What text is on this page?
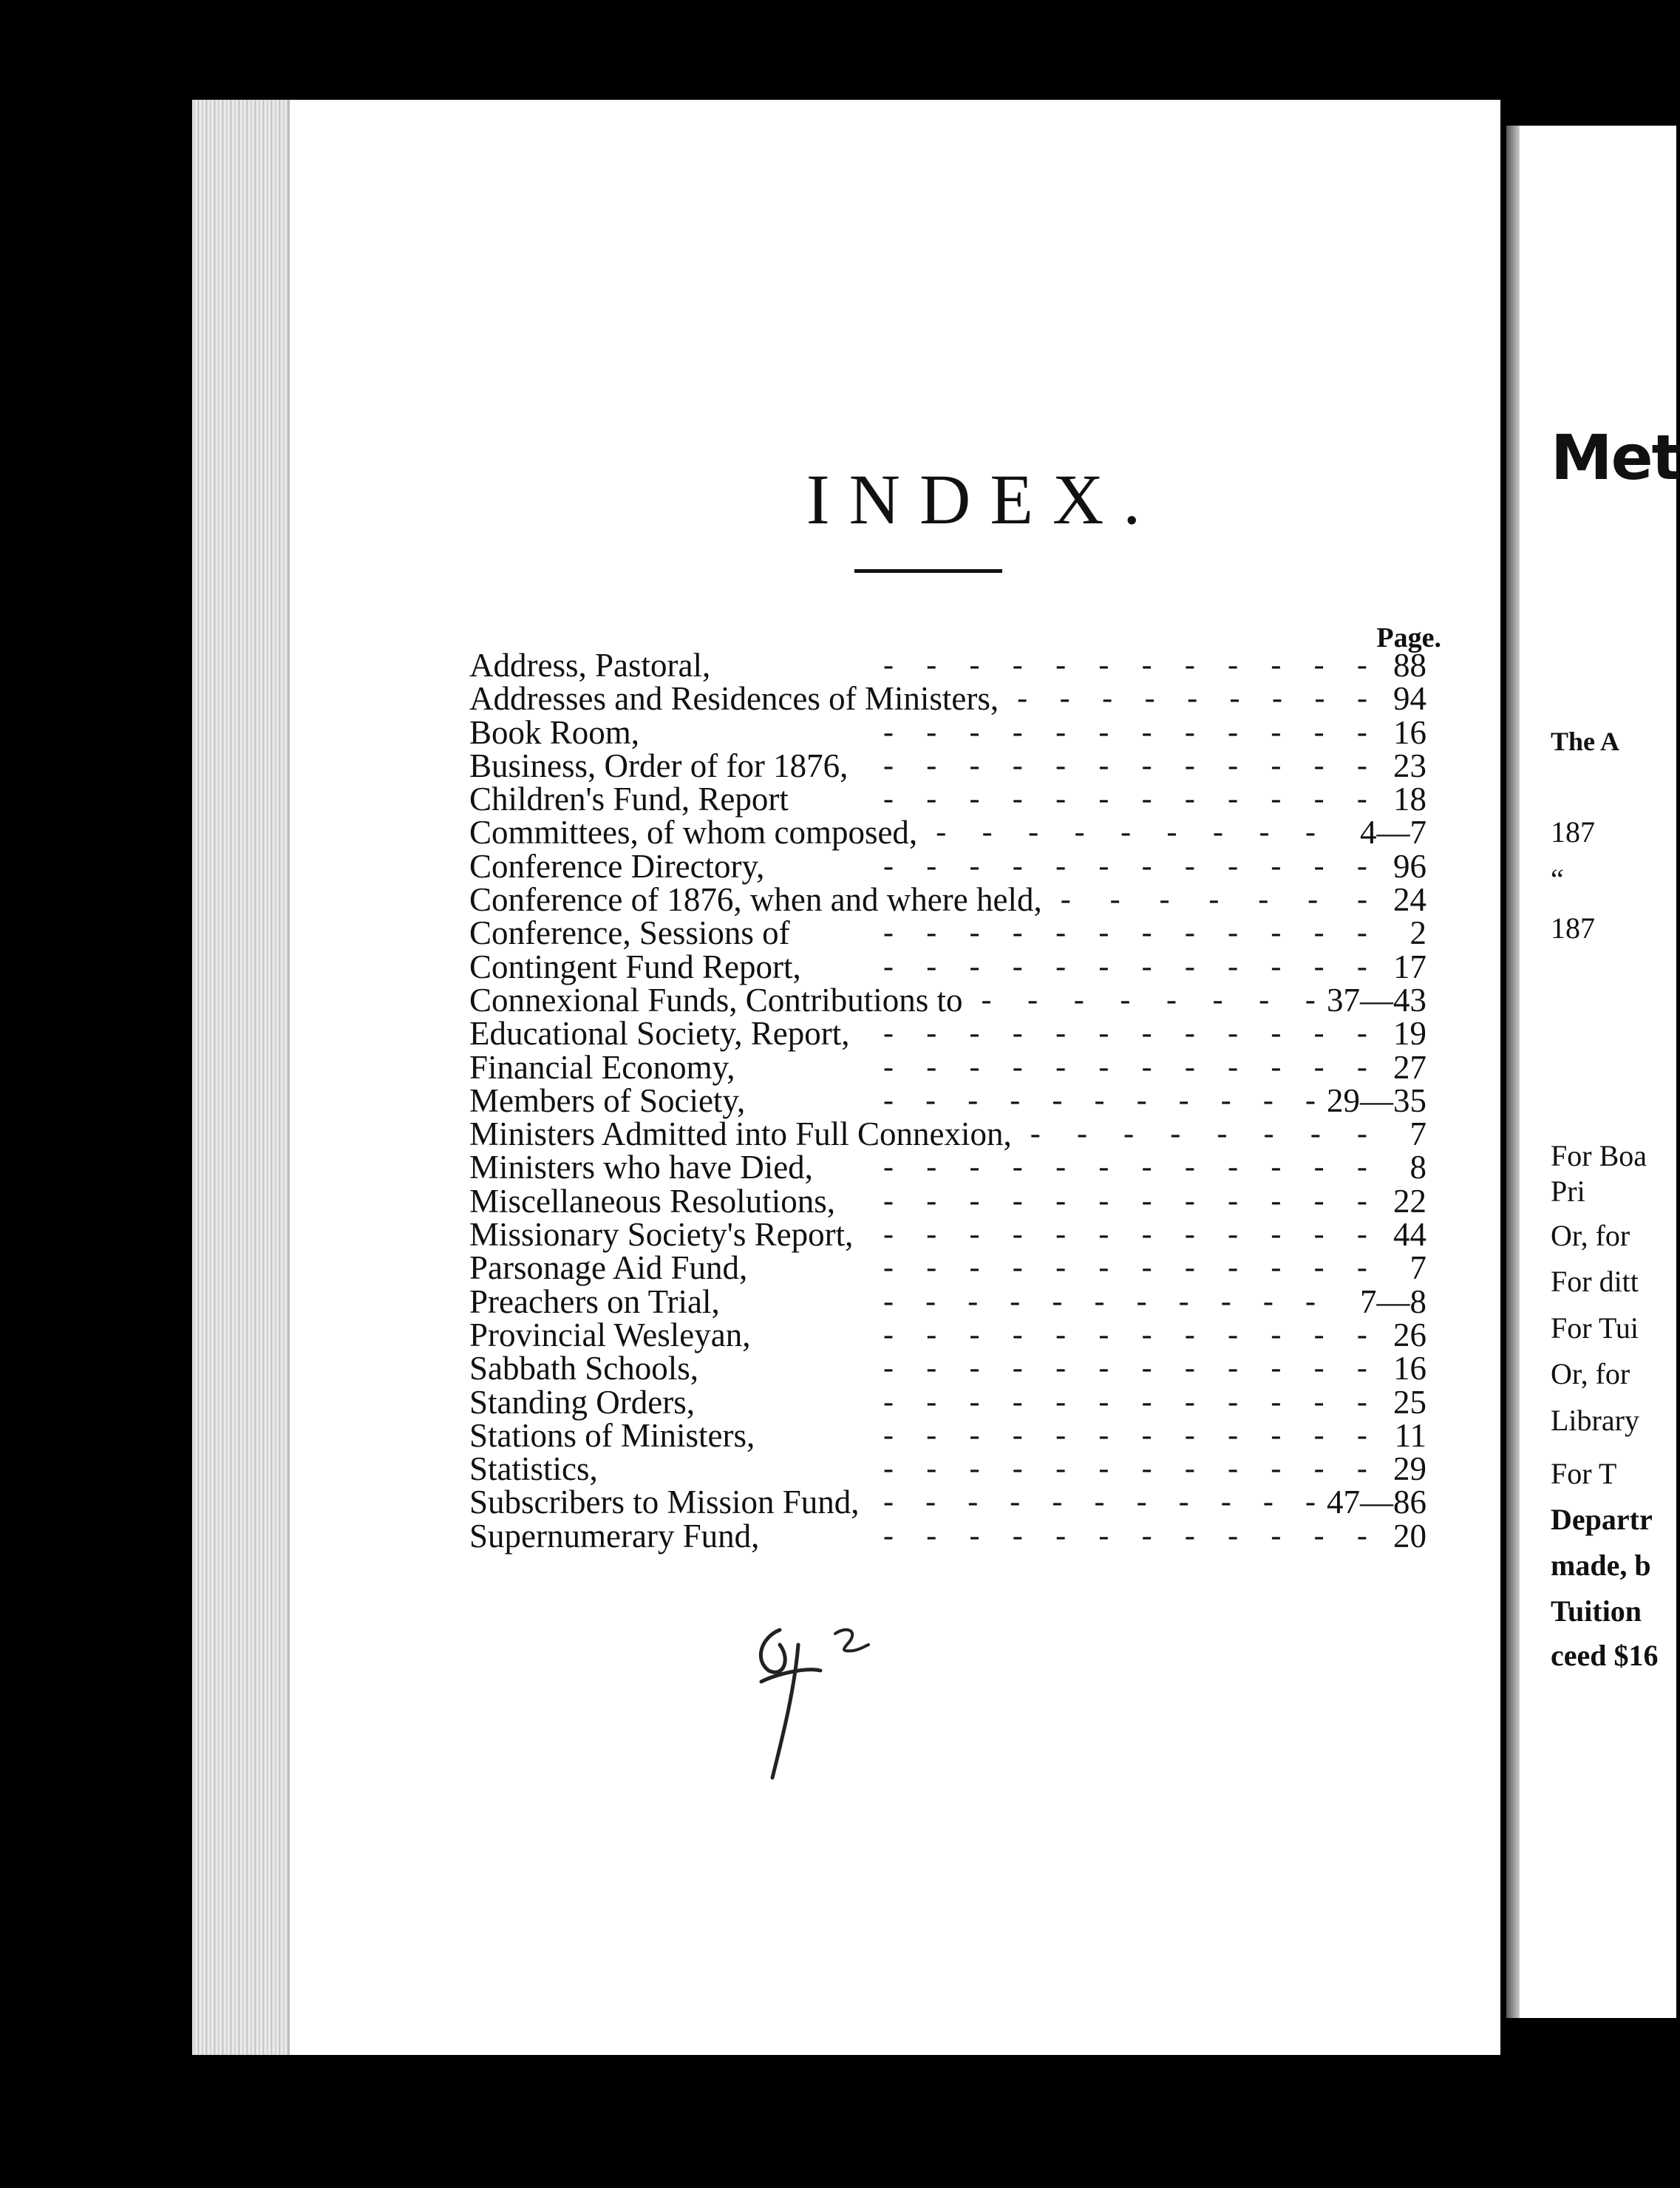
INDEX.
Page.
Address, Pastoral,	- - - - - - - - - - - - 88
Addresses and Residences of Ministers, - - - - - - - - - 94
Book Room,	- - - - - - - - - - - - 16
Business, Order of for 1876, - - - - - - - - - - - - 23
Children's Fund, Report	- - - - - - - - - - - - 18
Committees, of whom composed, - - - - - - - - - 4—7
Conference Directory,	- - - - - - - - - - - - 96
Conference of 1876, when and where held, - - - - - - - 24
Conference, Sessions of	- - - - - - - - - - - - 2
Contingent Fund Report,	- - - - - - - - - - - - 17
Connexional Funds, Contributions to - - - - - - - - 37—43
Educational Society, Report, - - - - - - - - - - - - 19
Financial Economy,	- - - - - - - - - - - - 27
Members of Society,	- - - - - - - - - - - 29—35
Ministers Admitted into Full Connexion, - - - - - - - - 7
Ministers who have Died, - - - - - - - - - - - - 8
Miscellaneous Resolutions, - - - - - - - - - - - - 22
Missionary Society's Report, - - - - - - - - - - - - 44
Parsonage Aid Fund,	- - - - - - - - - - - - 7
Preachers on Trial,	- - - - - - - - - - - 7—8
Provincial Wesleyan,	- - - - - - - - - - - - 26
Sabbath Schools,	- - - - - - - - - - - - 16
Standing Orders,	- - - - - - - - - - - - 25
Stations of Ministers,	- - - - - - - - - - - - 11
Statistics,	- - - - - - - - - - - - 29
Subscribers to Mission Fund, - - - - - - - - - - - 47—86
Supernumerary Fund,	- - - - - - - - - - - - 20
Met
The A
187
“
187
For Boa
Pri
Or, for
For ditt
For Tui
Or, for
Library
For T
Departr
made, b
Tuition
ceed $16
